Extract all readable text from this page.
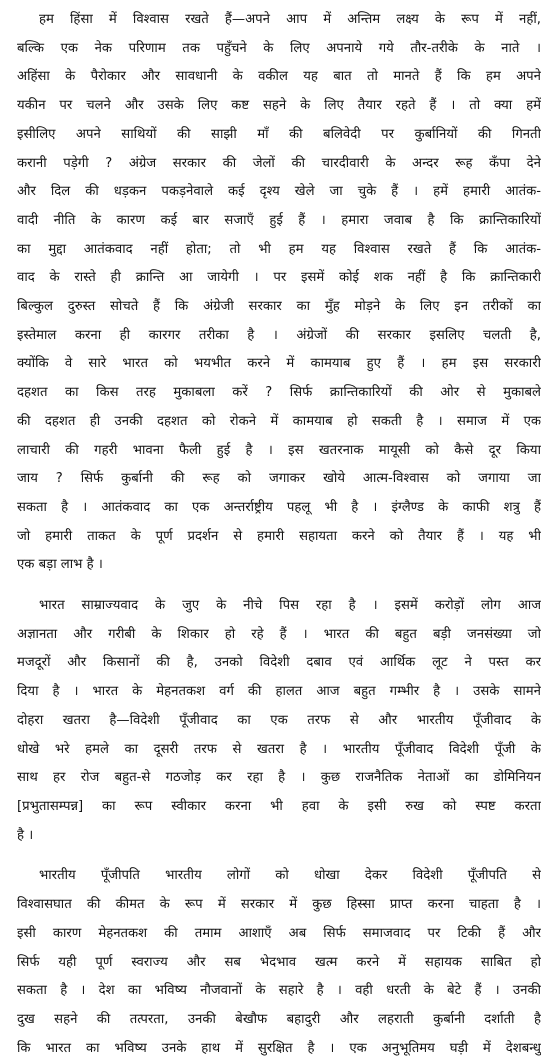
हम हिंसा में विश्वास रखते हैं—अपने आप में अन्तिम लक्ष्य के रूप में नहीं,
बल्कि एक नेक परिणाम तक पहुँचने के लिए अपनाये गये तौर-तरीके के नाते ।
अहिंसा के पैरोकार और सावधानी के वकील यह बात तो मानते हैं कि हम अपने
यकीन पर चलने और उसके लिए कष्ट सहने के लिए तैयार रहते हैं । तो क्या हमें
इसीलिए अपने साथियों की साझी माँ की बलिवेदी पर कुर्बानियों की गिनती
करानी पड़ेगी ? अंग्रेज सरकार की जेलों की चारदीवारी के अन्दर रूह कँपा देने
और दिल की धड़कन पकड़नेवाले कई दृश्य खेले जा चुके हैं । हमें हमारी आतंक-
वादी नीति के कारण कई बार सजाएँ हुई हैं । हमारा जवाब है कि क्रान्तिकारियों
का मुद्दा आतंकवाद नहीं होता; तो भी हम यह विश्वास रखते हैं कि आतंक-
वाद के रास्ते ही क्रान्ति आ जायेगी । पर इसमें कोई शक नहीं है कि क्रान्तिकारी
बिल्कुल दुरुस्त सोचते हैं कि अंग्रेजी सरकार का मुँह मोड़ने के लिए इन तरीकों का
इस्तेमाल करना ही कारगर तरीका है । अंग्रेजों की सरकार इसलिए चलती है,
क्योंकि वे सारे भारत को भयभीत करने में कामयाब हुए हैं । हम इस सरकारी
दहशत का किस तरह मुकाबला करें ? सिर्फ क्रान्तिकारियों की ओर से मुकाबले
की दहशत ही उनकी दहशत को रोकने में कामयाब हो सकती है । समाज में एक
लाचारी की गहरी भावना फैली हुई है । इस खतरनाक मायूसी को कैसे दूर किया
जाय ? सिर्फ कुर्बानी की रूह को जगाकर खोये आत्म-विश्वास को जगाया जा
सकता है । आतंकवाद का एक अन्तर्राष्ट्रीय पहलू भी है । इंग्लैण्ड के काफी शत्रु हैं
जो हमारी ताकत के पूर्ण प्रदर्शन से हमारी सहायता करने को तैयार हैं । यह भी
एक बड़ा लाभ है ।
भारत साम्राज्यवाद के जुए के नीचे पिस रहा है । इसमें करोड़ों लोग आज
अज्ञानता और गरीबी के शिकार हो रहे हैं । भारत की बहुत बड़ी जनसंख्या जो
मजदूरों और किसानों की है, उनको विदेशी दबाव एवं आर्थिक लूट ने पस्त कर
दिया है । भारत के मेहनतकश वर्ग की हालत आज बहुत गम्भीर है । उसके सामने
दोहरा खतरा है—विदेशी पूँजीवाद का एक तरफ से और भारतीय पूँजीवाद के
धोखे भरे हमले का दूसरी तरफ से खतरा है । भारतीय पूँजीवाद विदेशी पूँजी के
साथ हर रोज बहुत-से गठजोड़ कर रहा है । कुछ राजनैतिक नेताओं का डोमिनियन
[प्रभुतासम्पन्न] का रूप स्वीकार करना भी हवा के इसी रुख को स्पष्ट करता
है ।
भारतीय पूँजीपति भारतीय लोगों को धोखा देकर विदेशी पूँजीपति से
विश्वासघात की कीमत के रूप में सरकार में कुछ हिस्सा प्राप्त करना चाहता है ।
इसी कारण मेहनतकश की तमाम आशाएँ अब सिर्फ समाजवाद पर टिकी हैं और
सिर्फ यही पूर्ण स्वराज्य और सब भेदभाव खत्म करने में सहायक साबित हो
सकता है । देश का भविष्य नौजवानों के सहारे है । वही धरती के बेटे हैं । उनकी
दुख सहने की तत्परता, उनकी बेखौफ बहादुरी और लहराती कुर्बानी दर्शाती है
कि भारत का भविष्य उनके हाथ में सुरक्षित है । एक अनुभूतिमय घड़ी में देशबन्धु
